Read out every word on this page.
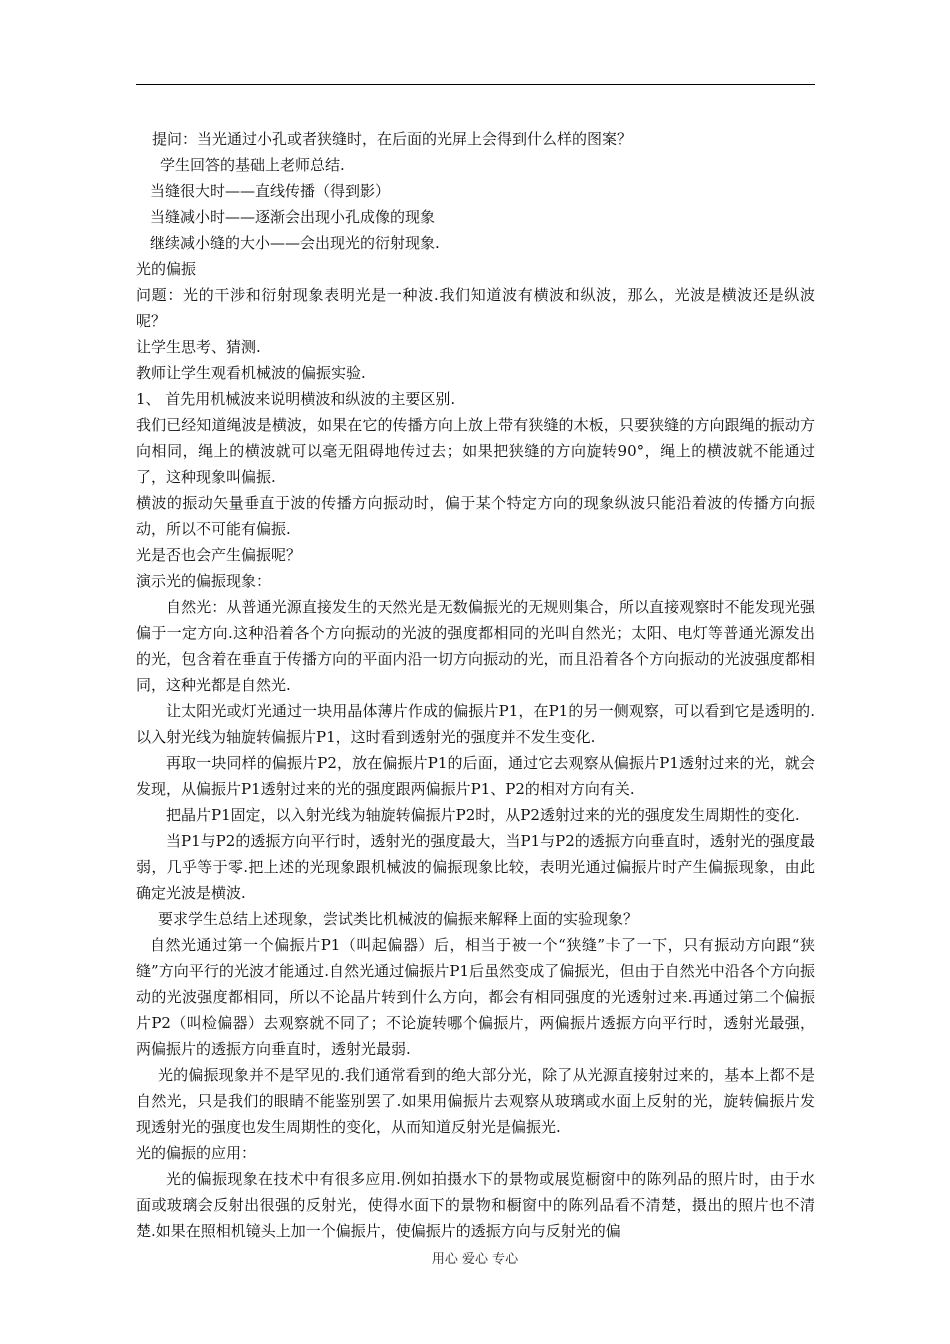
提问：当光通过小孔或者狭缝时，在后面的光屏上会得到什么样的图案？

学生回答的基础上老师总结.

当缝很大时——直线传播（得到影）

当缝减小时——逐渐会出现小孔成像的现象

继续减小缝的大小——会出现光的衍射现象.

光的偏振

问题：光的干涉和衍射现象表明光是一种波.我们知道波有横波和纵波，那么，光波是横波还是纵波呢？

让学生思考、猜测.

教师让学生观看机械波的偏振实验.

1、 首先用机械波来说明横波和纵波的主要区别.

我们已经知道绳波是横波，如果在它的传播方向上放上带有狭缝的木板，只要狭缝的方向跟绳的振动方向相同，绳上的横波就可以毫无阻碍地传过去；如果把狭缝的方向旋转90°，绳上的横波就不能通过了，这种现象叫偏振.

横波的振动矢量垂直于波的传播方向振动时，偏于某个特定方向的现象纵波只能沿着波的传播方向振动，所以不可能有偏振.

光是否也会产生偏振呢？

演示光的偏振现象：

自然光：从普通光源直接发生的天然光是无数偏振光的无规则集合，所以直接观察时不能发现光强偏于一定方向.这种沿着各个方向振动的光波的强度都相同的光叫自然光；太阳、电灯等普通光源发出的光，包含着在垂直于传播方向的平面内沿一切方向振动的光，而且沿着各个方向振动的光波强度都相同，这种光都是自然光.

让太阳光或灯光通过一块用晶体薄片作成的偏振片P1，在P1的另一侧观察，可以看到它是透明的.以入射光线为轴旋转偏振片P1，这时看到透射光的强度并不发生变化.

再取一块同样的偏振片P2，放在偏振片P1的后面，通过它去观察从偏振片P1透射过来的光，就会发现，从偏振片P1透射过来的光的强度跟两偏振片P1、P2的相对方向有关.

把晶片P1固定，以入射光线为轴旋转偏振片P2时，从P2透射过来的光的强度发生周期性的变化.

当P1与P2的透振方向平行时，透射光的强度最大，当P1与P2的透振方向垂直时，透射光的强度最弱，几乎等于零.把上述的光现象跟机械波的偏振现象比较，表明光通过偏振片时产生偏振现象，由此确定光波是横波.

要求学生总结上述现象，尝试类比机械波的偏振来解释上面的实验现象？

自然光通过第一个偏振片P1（叫起偏器）后，相当于被一个“狭缝”卡了一下，只有振动方向跟“狭缝”方向平行的光波才能通过.自然光通过偏振片P1后虽然变成了偏振光，但由于自然光中沿各个方向振动的光波强度都相同，所以不论晶片转到什么方向，都会有相同强度的光透射过来.再通过第二个偏振片P2（叫检偏器）去观察就不同了；不论旋转哪个偏振片，两偏振片透振方向平行时，透射光最强，两偏振片的透振方向垂直时，透射光最弱.

光的偏振现象并不是罕见的.我们通常看到的绝大部分光，除了从光源直接射过来的，基本上都不是自然光，只是我们的眼睛不能鉴别罢了.如果用偏振片去观察从玻璃或水面上反射的光，旋转偏振片发现透射光的强度也发生周期性的变化，从而知道反射光是偏振光.

光的偏振的应用：

光的偏振现象在技术中有很多应用.例如拍摄水下的景物或展览橱窗中的陈列品的照片时，由于水面或玻璃会反射出很强的反射光，使得水面下的景物和橱窗中的陈列品看不清楚，摄出的照片也不清楚.如果在照相机镜头上加一个偏振片，使偏振片的透振方向与反射光的偏

用心 爱心 专心
